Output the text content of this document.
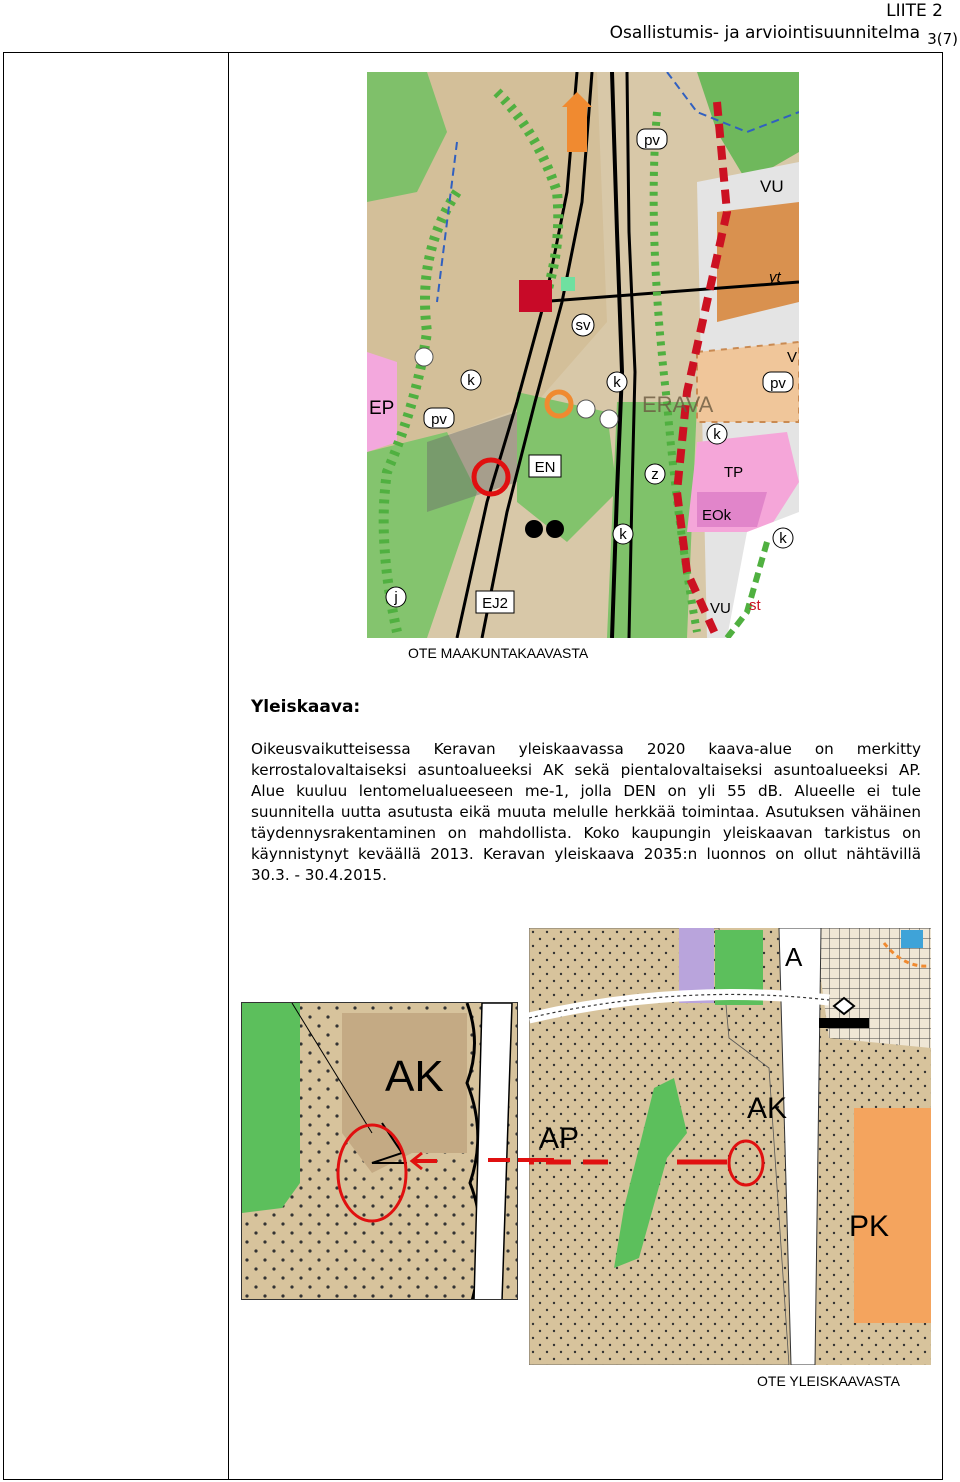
LIITE 2
Osallistumis- ja arviointisuunnitelma 3(7)
pv
VU
yt
pv
V
k	k
k
k	k
z
sv
EP
pv
EN	TP
EOk
ERAVA
j	EJ2	VU st
OTE MAAKUNTAKAAVASTA
Yleiskaava:
Oikeusvaikutteisessa Keravan yleiskaavassa 2020 kaava-alue on merkitty kerrostalovaltaiseksi asuntoalueeksi AK sekä pientalovaltaiseksi asuntoalueeksi AP. Alue kuuluu lentomelualueeseen me-1, jolla DEN on yli 55 dB. Alueelle ei tule suunnitella uutta asutusta eikä muuta melulle herkkää toimintaa. Asutuksen vähäinen täydennysrakentaminen on mahdollista. Koko kaupungin yleiskaavan tarkistus on käynnistynyt keväällä 2013. Keravan yleiskaava 2035:n luonnos on ollut nähtävillä 30.3. - 30.4.2015.
A
AP
AK
PK
AK
OTE YLEISKAAVASTA
